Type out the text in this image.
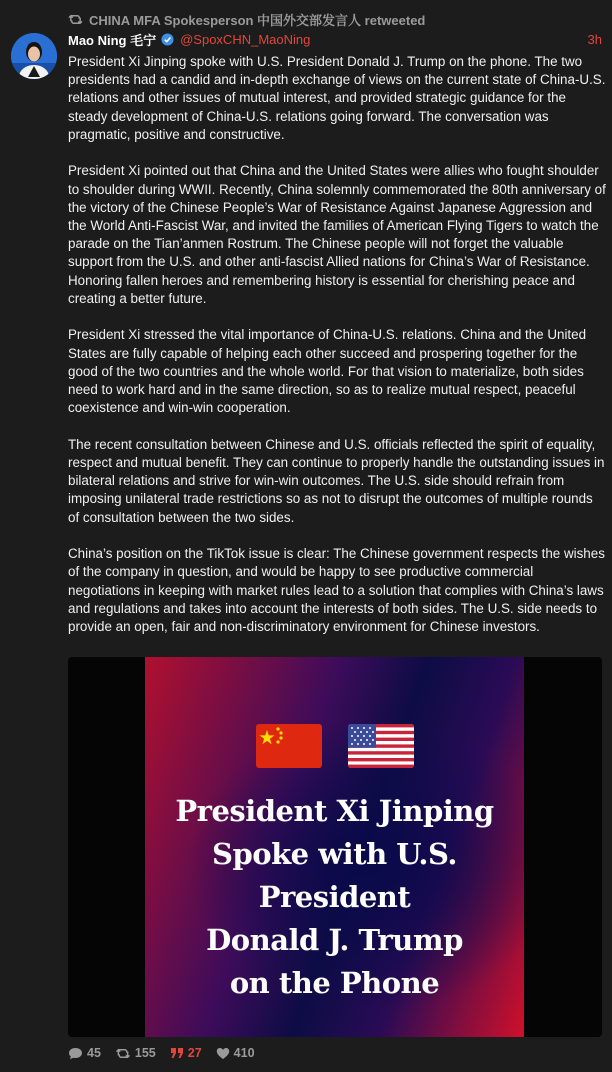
CHINA MFA Spokesperson 中国外交部发言人 retweeted
Mao Ning 毛宁 @SpoxCHN_MaoNing	3h

President Xi Jinping spoke with U.S. President Donald J. Trump on the phone. The two presidents had a candid and in-depth exchange of views on the current state of China-U.S. relations and other issues of mutual interest, and provided strategic guidance for the steady development of China-U.S. relations going forward. The conversation was pragmatic, positive and constructive.

President Xi pointed out that China and the United States were allies who fought shoulder to shoulder during WWII. Recently, China solemnly commemorated the 80th anniversary of the victory of the Chinese People’s War of Resistance Against Japanese Aggression and the World Anti-Fascist War, and invited the families of American Flying Tigers to watch the parade on the Tian’anmen Rostrum. The Chinese people will not forget the valuable support from the U.S. and other anti-fascist Allied nations for China’s War of Resistance. Honoring fallen heroes and remembering history is essential for cherishing peace and creating a better future.

President Xi stressed the vital importance of China-U.S. relations. China and the United States are fully capable of helping each other succeed and prospering together for the good of the two countries and the whole world. For that vision to materialize, both sides need to work hard and in the same direction, so as to realize mutual respect, peaceful coexistence and win-win cooperation.

The recent consultation between Chinese and U.S. officials reflected the spirit of equality, respect and mutual benefit. They can continue to properly handle the outstanding issues in bilateral relations and strive for win-win outcomes. The U.S. side should refrain from imposing unilateral trade restrictions so as not to disrupt the outcomes of multiple rounds of consultation between the two sides.

China’s position on the TikTok issue is clear: The Chinese government respects the wishes of the company in question, and would be happy to see productive commercial negotiations in keeping with market rules lead to a solution that complies with China’s laws and regulations and takes into account the interests of both sides. The U.S. side needs to provide an open, fair and non-discriminatory environment for Chinese investors.

President Xi Jinping
Spoke with U.S. President
Donald J. Trump
on the Phone
45	155	27	410
